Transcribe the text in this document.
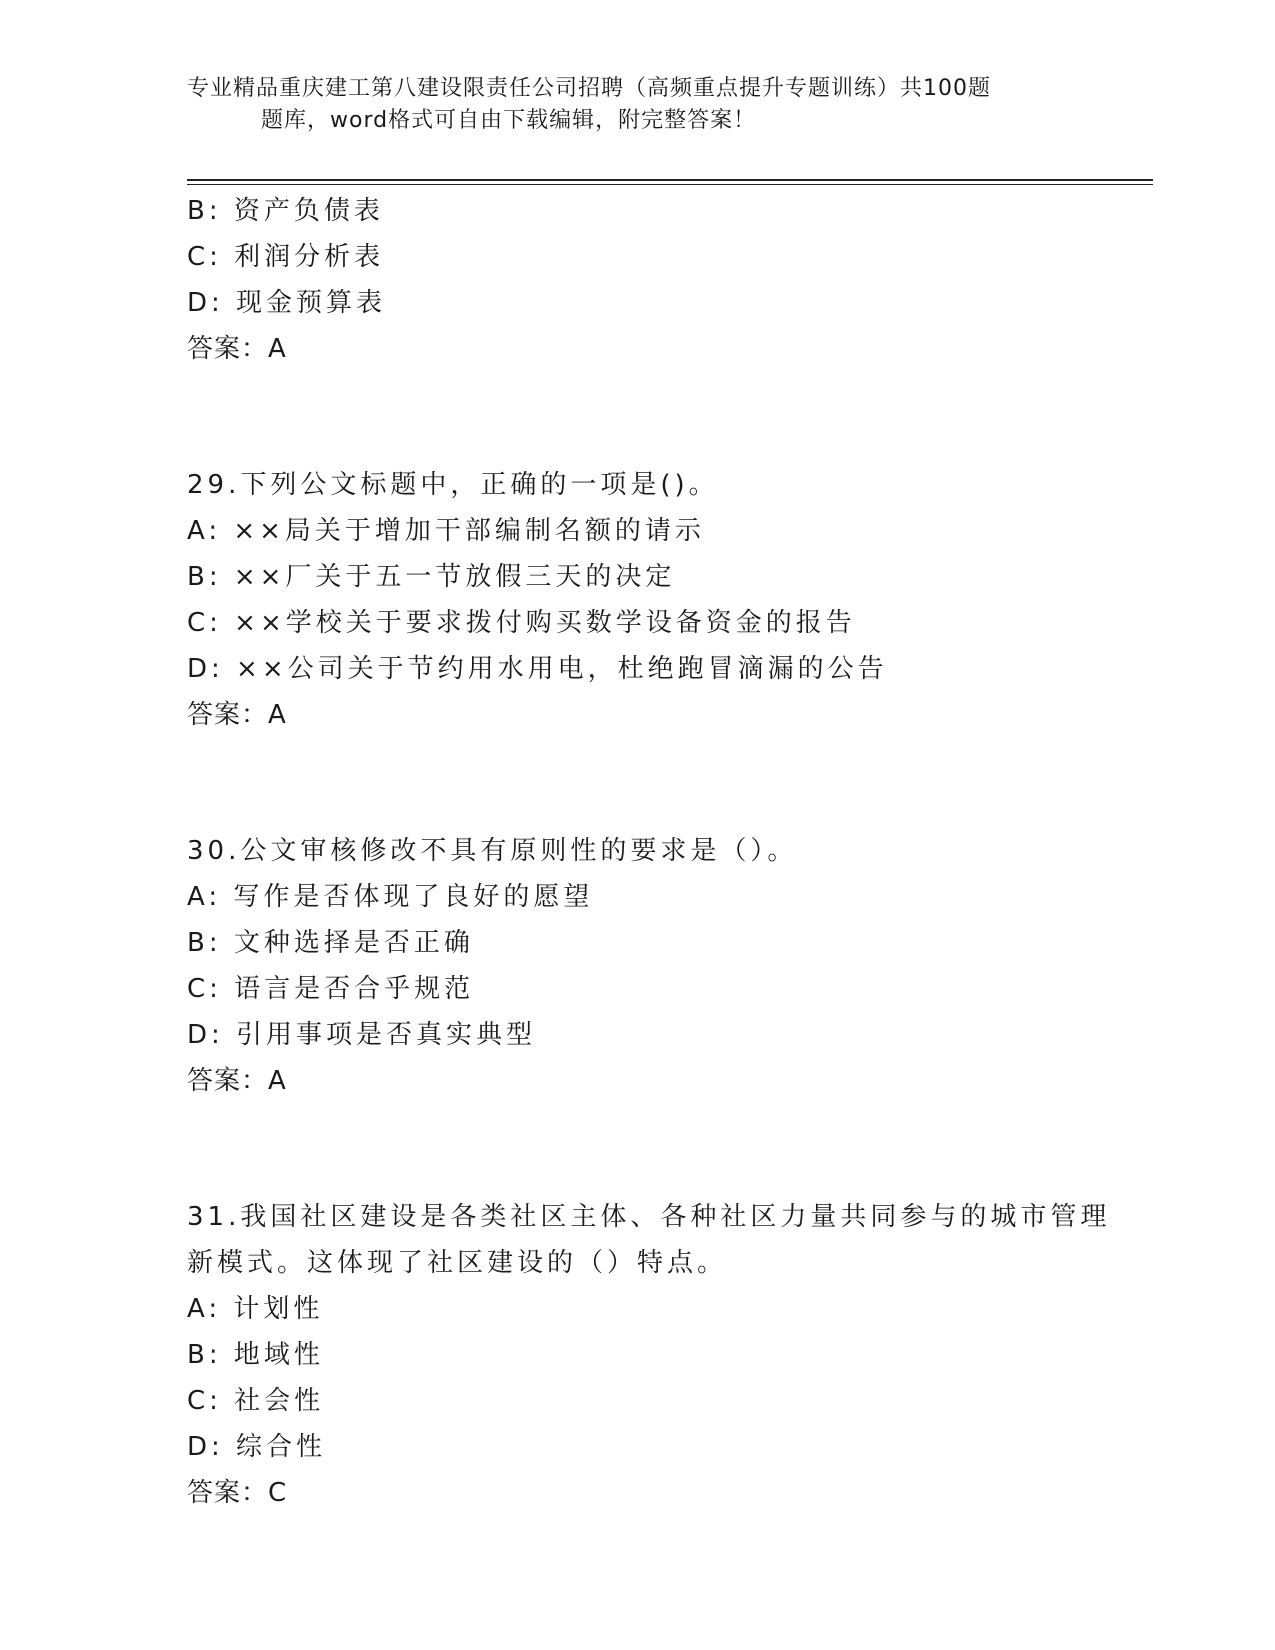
专业精品重庆建工第八建设限责任公司招聘（高频重点提升专题训练）共100题
题库，word格式可自由下载编辑，附完整答案！
B: 资产负债表
C: 利润分析表
D: 现金预算表
答案：A
29.下列公文标题中，正确的一项是()。
A: ××局关于增加干部编制名额的请示
B: ××厂关于五一节放假三天的决定
C: ××学校关于要求拨付购买数学设备资金的报告
D: ××公司关于节约用水用电，杜绝跑冒滴漏的公告
答案：A
30.公文审核修改不具有原则性的要求是（）。
A: 写作是否体现了良好的愿望
B: 文种选择是否正确
C: 语言是否合乎规范
D: 引用事项是否真实典型
答案：A
31.我国社区建设是各类社区主体、各种社区力量共同参与的城市管理
新模式。这体现了社区建设的（）特点。
A: 计划性
B: 地域性
C: 社会性
D: 综合性
答案：C
